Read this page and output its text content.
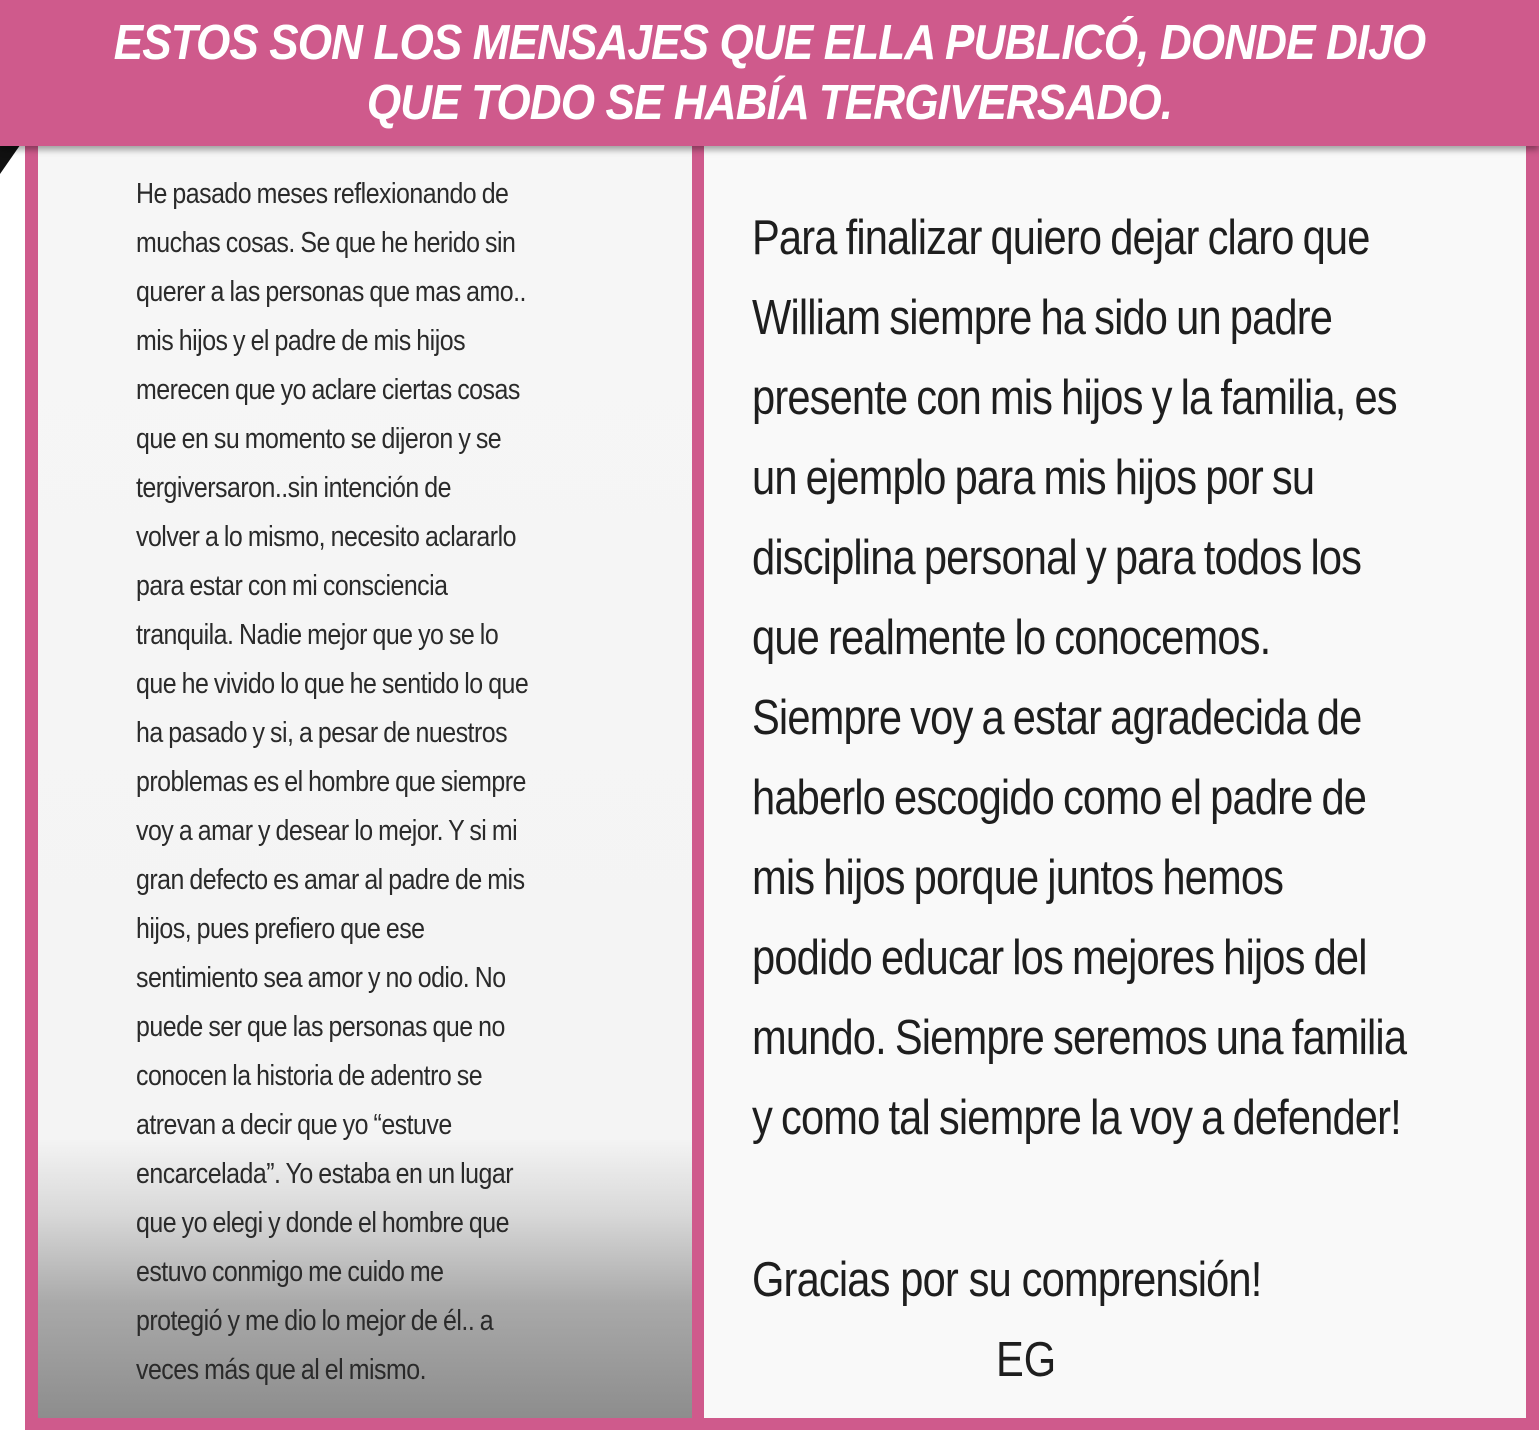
ESTOS SON LOS MENSAJES QUE ELLA PUBLICÓ, DONDE DIJO QUE TODO SE HABÍA TERGIVERSADO.

He pasado meses reflexionando de
muchas cosas. Se que he herido sin
querer a las personas que mas amo..
mis hijos y el padre de mis hijos
merecen que yo aclare ciertas cosas
que en su momento se dijeron y se
tergiversaron..sin intención de
volver a lo mismo, necesito aclararlo
para estar con mi consciencia
tranquila. Nadie mejor que yo se lo
que he vivido lo que he sentido lo que
ha pasado y si, a pesar de nuestros
problemas es el hombre que siempre
voy a amar y desear lo mejor. Y si mi
gran defecto es amar al padre de mis
hijos, pues prefiero que ese
sentimiento sea amor y no odio. No
puede ser que las personas que no
conocen la historia de adentro se
atrevan a decir que yo “estuve
encarcelada”. Yo estaba en un lugar
que yo elegi y donde el hombre que
estuvo conmigo me cuido me
protegió y me dio lo mejor de él.. a
veces más que al el mismo.

Para finalizar quiero dejar claro que
William siempre ha sido un padre
presente con mis hijos y la familia, es
un ejemplo para mis hijos por su
disciplina personal y para todos los
que realmente lo conocemos.
Siempre voy a estar agradecida de
haberlo escogido como el padre de
mis hijos porque juntos hemos
podido educar los mejores hijos del
mundo. Siempre seremos una familia
y como tal siempre la voy a defender!

Gracias por su comprensión!

EG
